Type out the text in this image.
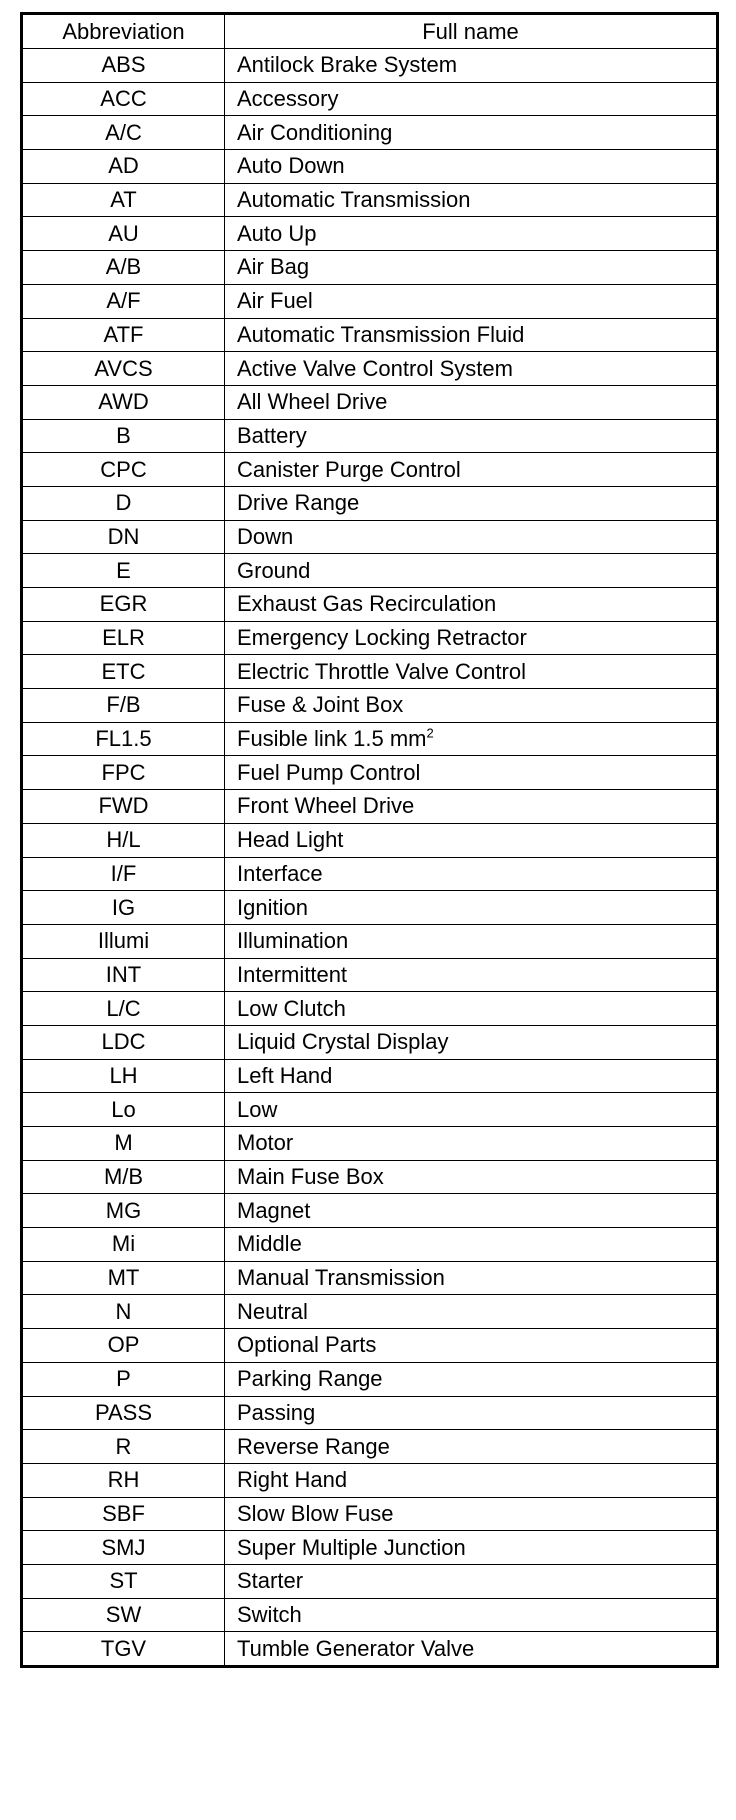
Abbreviation	Full name
ABS	Antilock Brake System
ACC	Accessory
A/C	Air Conditioning
AD	Auto Down
AT	Automatic Transmission
AU	Auto Up
A/B	Air Bag
A/F	Air Fuel
ATF	Automatic Transmission Fluid
AVCS	Active Valve Control System
AWD	All Wheel Drive
B	Battery
CPC	Canister Purge Control
D	Drive Range
DN	Down
E	Ground
EGR	Exhaust Gas Recirculation
ELR	Emergency Locking Retractor
ETC	Electric Throttle Valve Control
F/B	Fuse & Joint Box
FL1.5	Fusible link 1.5 $mm^2$
FPC	Fuel Pump Control
FWD	Front Wheel Drive
H/L	Head Light
I/F	Interface
IG	Ignition
Illumi	Illumination
INT	Intermittent
L/C	Low Clutch
LDC	Liquid Crystal Display
LH	Left Hand
Lo	Low
M	Motor
M/B	Main Fuse Box
MG	Magnet
Mi	Middle
MT	Manual Transmission
N	Neutral
OP	Optional Parts
P	Parking Range
PASS	Passing
R	Reverse Range
RH	Right Hand
SBF	Slow Blow Fuse
SMJ	Super Multiple Junction
ST	Starter
SW	Switch
TGV	Tumble Generator Valve
